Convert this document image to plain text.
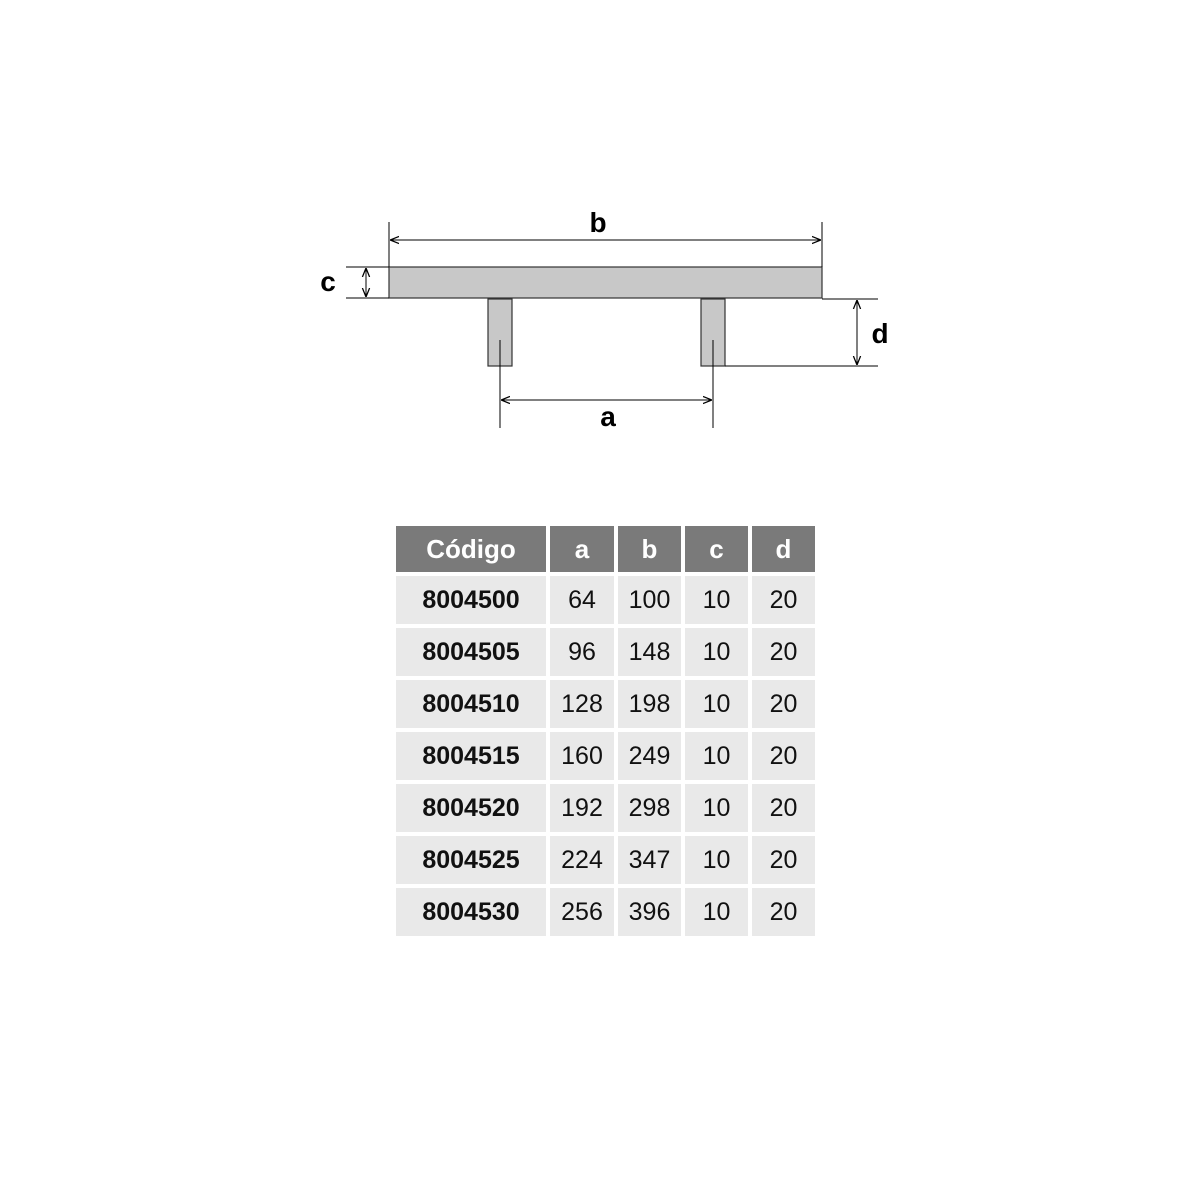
b
c
d
a
Código	a	b	c	d
8004500	64	100	10	20
8004505	96	148	10	20
8004510	128	198	10	20
8004515	160	249	10	20
8004520	192	298	10	20
8004525	224	347	10	20
8004530	256	396	10	20
